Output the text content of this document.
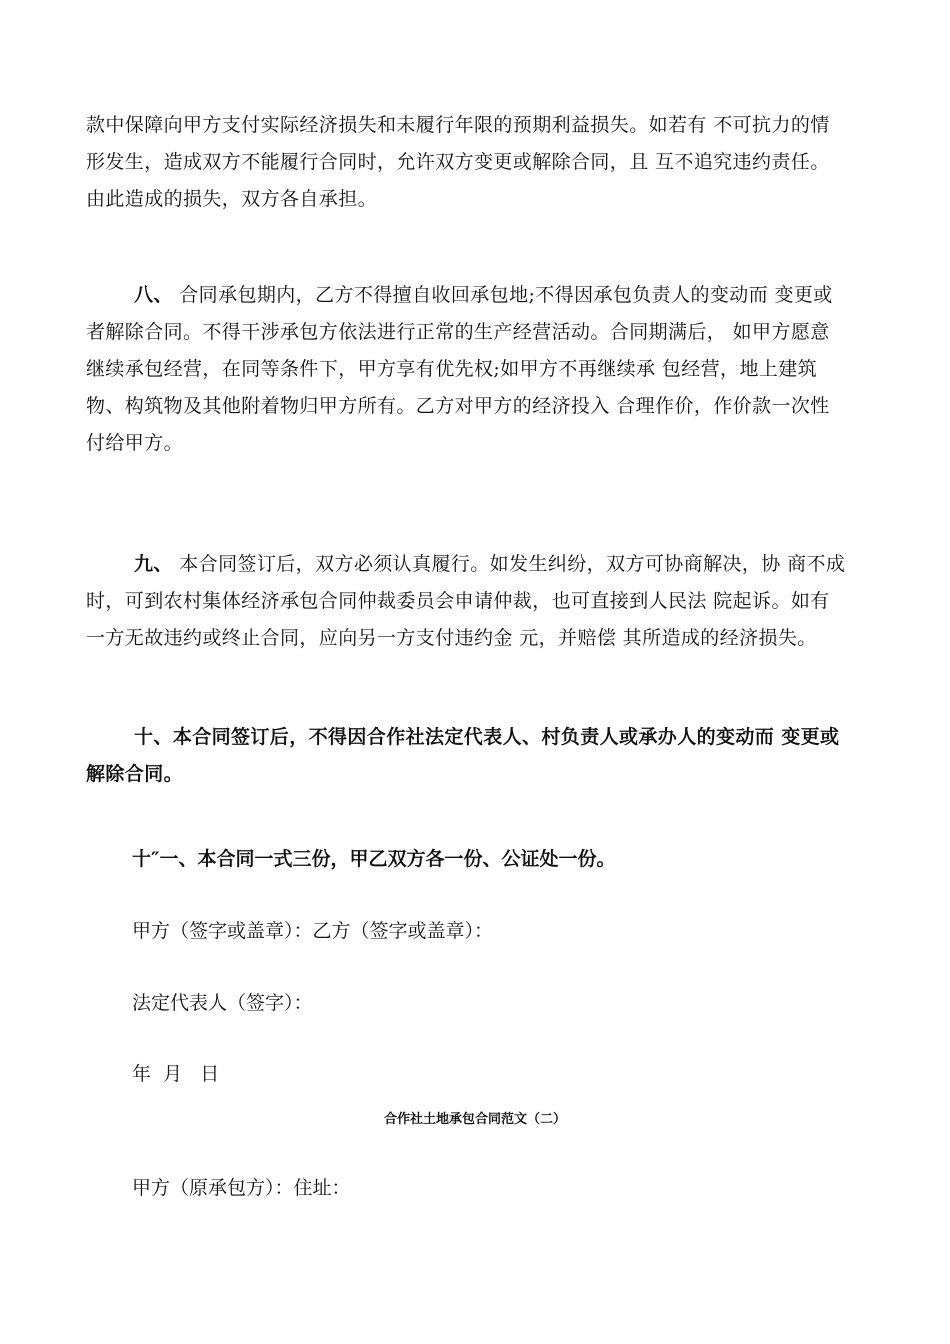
款中保障向甲方支付实际经济损失和未履行年限的预期利益损失。如若有 不可抗力的情
形发生，造成双方不能履行合同时，允许双方变更或解除合同，且 互不追究违约责任。
由此造成的损失，双方各自承担。
八、 合同承包期内，乙方不得擅自收回承包地;不得因承包负责人的变动而 变更或
者解除合同。不得干涉承包方依法进行正常的生产经营活动。合同期满后， 如甲方愿意
继续承包经营，在同等条件下，甲方享有优先权;如甲方不再继续承 包经营，地上建筑
物、构筑物及其他附着物归甲方所有。乙方对甲方的经济投入 合理作价，作价款一次性
付给甲方。
九、 本合同签订后，双方必须认真履行。如发生纠纷，双方可协商解决，协 商不成
时，可到农村集体经济承包合同仲裁委员会申请仲裁，也可直接到人民法 院起诉。如有
一方无故违约或终止合同，应向另一方支付违约金 元，并赔偿 其所造成的经济损失。
十、本合同签订后，不得因合作社法定代表人、村负责人或承办人的变动而 变更或
解除合同。

十″一、本合同一式三份，甲乙双方各一份、公证处一份。

甲方（签字或盖章）：乙方（签字或盖章）：

法定代表人（签字）：

年  月   日

合作社土地承包合同范文（二）

甲方（原承包方）：住址：
